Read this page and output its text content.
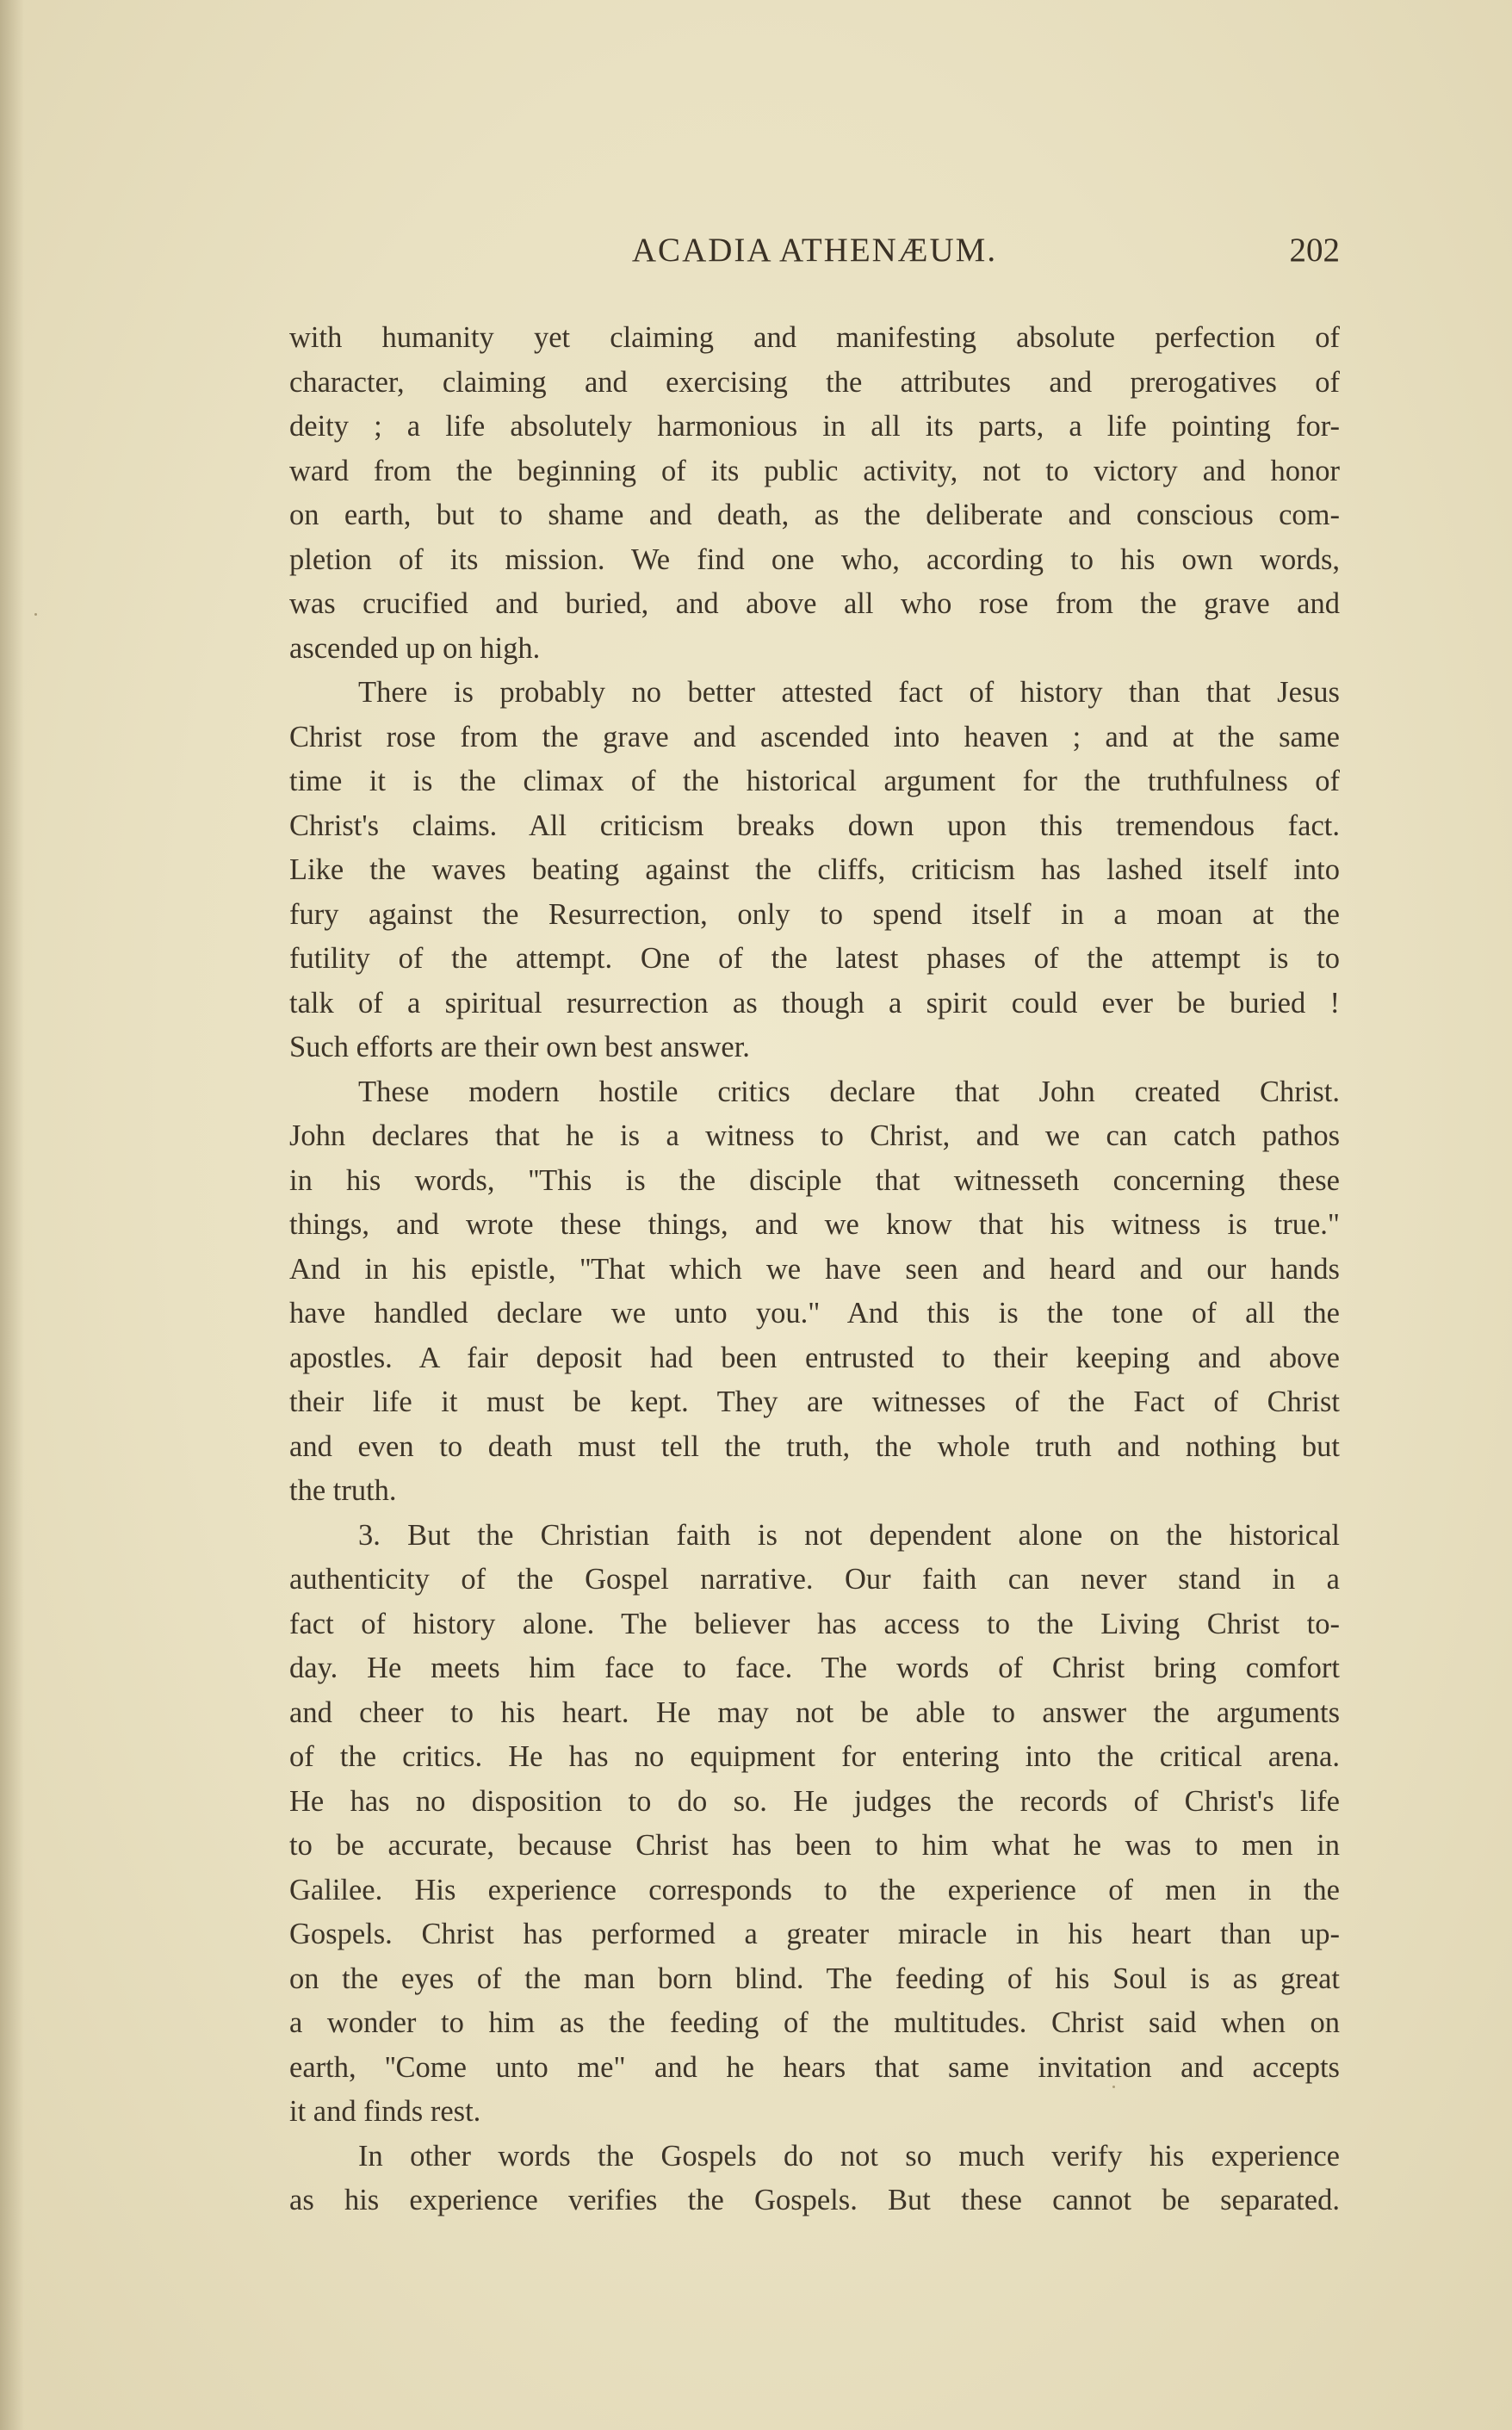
ACADIA ATHENÆUM.	202
with humanity yet claiming and manifesting absolute perfection of
character, claiming and exercising the attributes and prerogatives of
deity ; a life absolutely harmonious in all its parts, a life pointing for-
ward from the beginning of its public activity, not to victory and honor
on earth, but to shame and death, as the deliberate and conscious com-
pletion of its mission. We find one who, according to his own words,
was crucified and buried, and above all who rose from the grave and
ascended up on high.
There is probably no better attested fact of history than that Jesus
Christ rose from the grave and ascended into heaven ; and at the same
time it is the climax of the historical argument for the truthfulness of
Christ's claims. All criticism breaks down upon this tremendous fact.
Like the waves beating against the cliffs, criticism has lashed itself into
fury against the Resurrection, only to spend itself in a moan at the
futility of the attempt. One of the latest phases of the attempt is to
talk of a spiritual resurrection as though a spirit could ever be buried !
Such efforts are their own best answer.
These modern hostile critics declare that John created Christ.
John declares that he is a witness to Christ, and we can catch pathos
in his words, ''This is the disciple that witnesseth concerning these
things, and wrote these things, and we know that his witness is true."
And in his epistle, ''That which we have seen and heard and our hands
have handled declare we unto you." And this is the tone of all the
apostles. A fair deposit had been entrusted to their keeping and above
their life it must be kept. They are witnesses of the Fact of Christ
and even to death must tell the truth, the whole truth and nothing but
the truth.
3. But the Christian faith is not dependent alone on the historical
authenticity of the Gospel narrative. Our faith can never stand in a
fact of history alone. The believer has access to the Living Christ to-
day. He meets him face to face. The words of Christ bring comfort
and cheer to his heart. He may not be able to answer the arguments
of the critics. He has no equipment for entering into the critical arena.
He has no disposition to do so. He judges the records of Christ's life
to be accurate, because Christ has been to him what he was to men in
Galilee. His experience corresponds to the experience of men in the
Gospels. Christ has performed a greater miracle in his heart than up-
on the eyes of the man born blind. The feeding of his Soul is as great
a wonder to him as the feeding of the multitudes. Christ said when on
earth, ''Come unto me" and he hears that same invitation and accepts
it and finds rest.
In other words the Gospels do not so much verify his experience
as his experience verifies the Gospels. But these cannot be separated.
